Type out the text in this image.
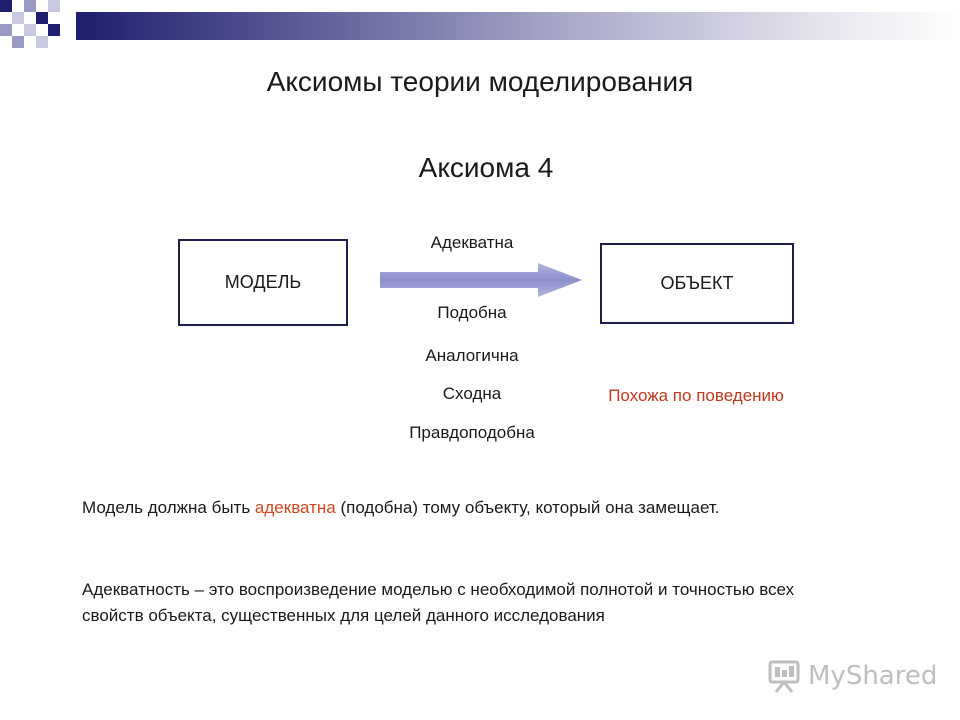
Аксиомы теории моделирования
Аксиома 4
МОДЕЛЬ	ОБЪЕКТ
Адекватна
Подобна
Аналогична
Сходна
Правдоподобна
Похожа по поведению
Модель должна быть адекватна (подобна) тому объекту, который она замещает.
Адекватность – это воспроизведение моделью с необходимой полнотой и точностью всех свойств объекта, существенных для целей данного исследования
MyShared
